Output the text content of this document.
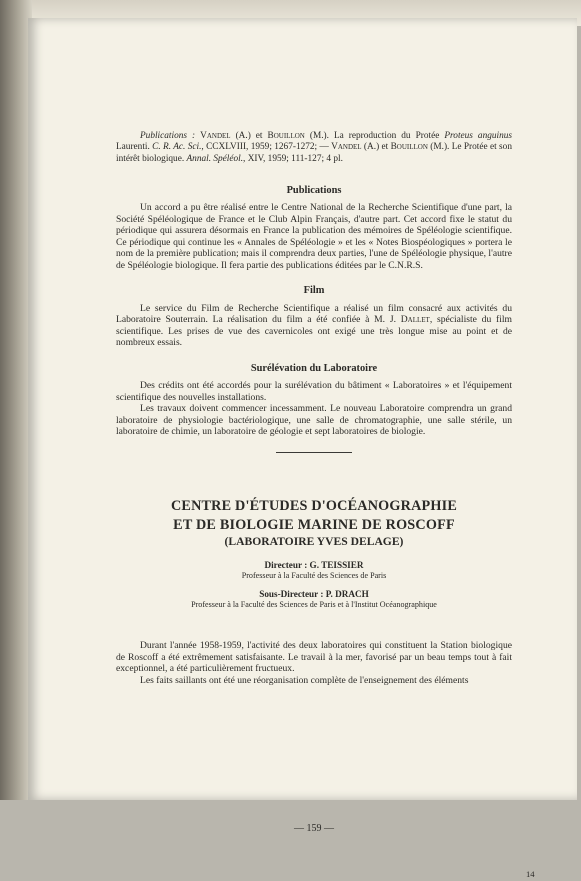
Publications : Vandel (A.) et Bouillon (M.). La reproduction du Protée Proteus anguinus Laurenti. C. R. Ac. Sci., CCXLVIII, 1959; 1267-1272; — Vandel (A.) et Bouillon (M.). Le Protée et son intérêt biologique. Annal. Spéléol., XIV, 1959; 111-127; 4 pl.

Publications

Un accord a pu être réalisé entre le Centre National de la Recherche Scientifique d'une part, la Société Spéléologique de France et le Club Alpin Français, d'autre part. Cet accord fixe le statut du périodique qui assurera désormais en France la publication des mémoires de Spéléologie scientifique. Ce périodique qui continue les « Annales de Spéléologie » et les « Notes Biospéologiques » portera le nom de la première publication; mais il comprendra deux parties, l'une de Spéléologie physique, l'autre de Spéléologie biologique. Il fera partie des publications éditées par le C.N.R.S.

Film

Le service du Film de Recherche Scientifique a réalisé un film consacré aux activités du Laboratoire Souterrain. La réalisation du film a été confiée à M. J. Dallet, spécialiste du film scientifique. Les prises de vue des cavernicoles ont exigé une très longue mise au point et de nombreux essais.

Surélévation du Laboratoire

Des crédits ont été accordés pour la surélévation du bâtiment « Laboratoires » et l'équipement scientifique des nouvelles installations.

Les travaux doivent commencer incessamment. Le nouveau Laboratoire comprendra un grand laboratoire de physiologie bactériologique, une salle de chromatographie, une salle stérile, un laboratoire de chimie, un laboratoire de géologie et sept laboratoires de biologie.

CENTRE D'ÉTUDES D'OCÉANOGRAPHIE
ET DE BIOLOGIE MARINE DE ROSCOFF
(LABORATOIRE YVES DELAGE)
Directeur : G. TEISSIER
Professeur à la Faculté des Sciences de Paris
Sous-Directeur : P. DRACH
Professeur à la Faculté des Sciences de Paris et à l'Institut Océanographique

Durant l'année 1958-1959, l'activité des deux laboratoires qui constituent la Station biologique de Roscoff a été extrêmement satisfaisante. Le travail à la mer, favorisé par un beau temps tout à fait exceptionnel, a été particulièrement fructueux.

Les faits saillants ont été une réorganisation complète de l'enseignement des éléments

— 159 —
14
